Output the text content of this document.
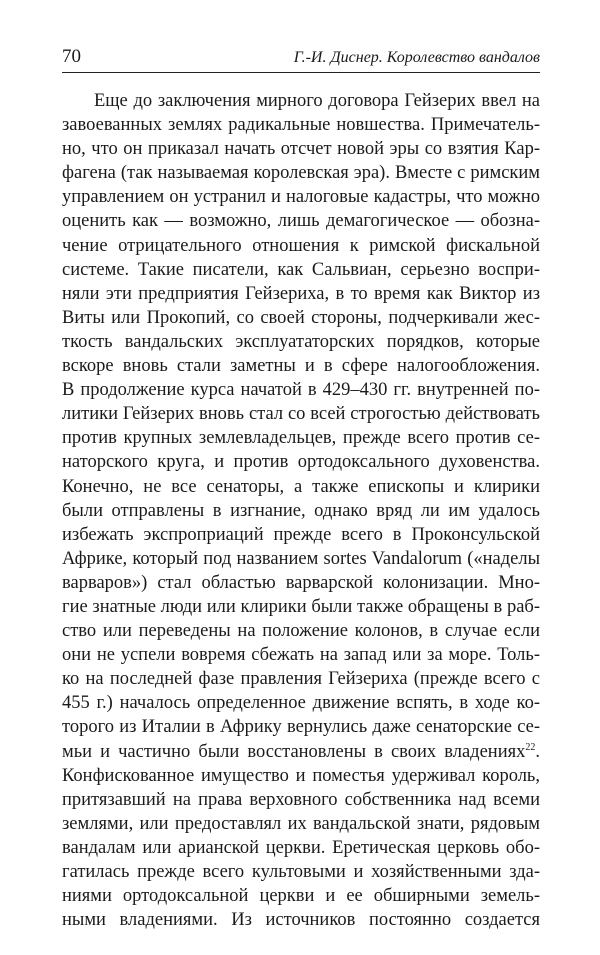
70	Г.-И. Диснер. Королевство вандалов
Еще до заключения мирного договора Гейзерих ввел на
завоеванных землях радикальные новшества. Примечатель-
но, что он приказал начать отсчет новой эры со взятия Кар-
фагена (так называемая королевская эра). Вместе с римским
управлением он устранил и налоговые кадастры, что можно
оценить как — возможно, лишь демагогическое — обозна-
чение отрицательного отношения к римской фискальной
системе. Такие писатели, как Сальвиан, серьезно воспри-
няли эти предприятия Гейзериха, в то время как Виктор из
Виты или Прокопий, со своей стороны, подчеркивали жес-
ткость вандальских эксплуататорских порядков, которые
вскоре вновь стали заметны и в сфере налогообложения.
В продолжение курса начатой в 429–430 гг. внутренней по-
литики Гейзерих вновь стал со всей строгостью действовать
против крупных землевладельцев, прежде всего против се-
наторского круга, и против ортодоксального духовенства.
Конечно, не все сенаторы, а также епископы и клирики
были отправлены в изгнание, однако вряд ли им удалось
избежать экспроприаций прежде всего в Проконсульской
Африке, который под названием sortes Vandalorum («наделы
варваров») стал областью варварской колонизации. Мно-
гие знатные люди или клирики были также обращены в раб-
ство или переведены на положение колонов, в случае если
они не успели вовремя сбежать на запад или за море. Толь-
ко на последней фазе правления Гейзериха (прежде всего с
455 г.) началось определенное движение вспять, в ходе ко-
торого из Италии в Африку вернулись даже сенаторские се-
мьи и частично были восстановлены в своих владениях$^{22}$.
Конфискованное имущество и поместья удерживал король,
притязавший на права верховного собственника над всеми
землями, или предоставлял их вандальской знати, рядовым
вандалам или арианской церкви. Еретическая церковь обо-
гатилась прежде всего культовыми и хозяйственными зда-
ниями ортодоксальной церкви и ее обширными земель-
ными владениями. Из источников постоянно создается
